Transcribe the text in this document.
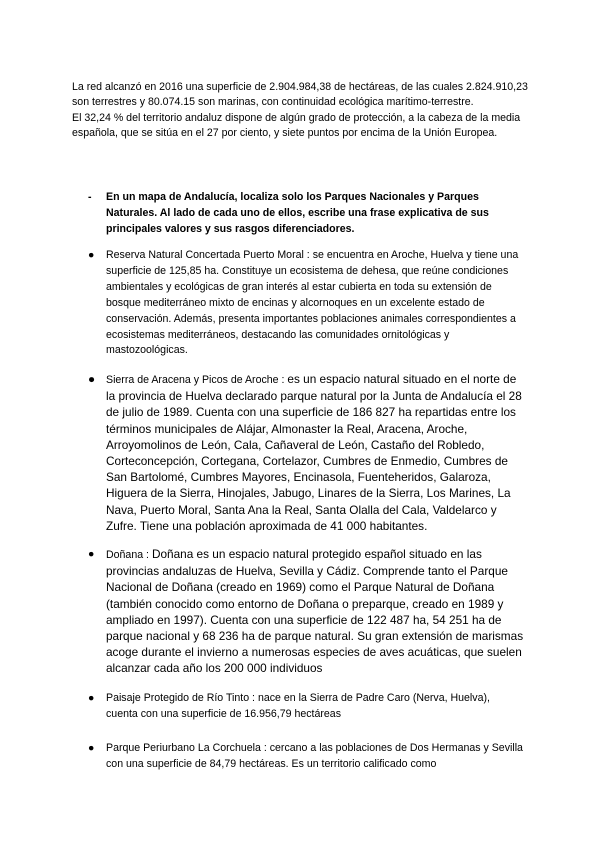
La red alcanzó en 2016 una superficie de 2.904.984,38 de hectáreas, de las cuales 2.824.910,23 son terrestres y 80.074.15 son marinas, con continuidad ecológica marítimo-terrestre.

El 32,24 % del territorio andaluz dispone de algún grado de protección, a la cabeza de la media española, que se sitúa en el 27 por ciento, y siete puntos por encima de la Unión Europea.

- En un mapa de Andalucía, localiza solo los Parques Nacionales y Parques Naturales. Al lado de cada uno de ellos, escribe una frase explicativa de sus principales valores y sus rasgos diferenciadores.
● Reserva Natural Concertada Puerto Moral : se encuentra en Aroche, Huelva y tiene una superficie de 125,85 ha. Constituye un ecosistema de dehesa, que reúne condiciones ambientales y ecológicas de gran interés al estar cubierta en toda su extensión de bosque mediterráneo mixto de encinas y alcornoques en un excelente estado de conservación. Además, presenta importantes poblaciones animales correspondientes a ecosistemas mediterráneos, destacando las comunidades ornitológicas y mastozoológicas.
● Sierra de Aracena y Picos de Aroche : es un espacio natural situado en el norte de la provincia de Huelva declarado parque natural por la Junta de Andalucía el 28 de julio de 1989. Cuenta con una superficie de 186 827 ha repartidas entre los términos municipales de Alájar, Almonaster la Real, Aracena, Aroche, Arroyomolinos de León, Cala, Cañaveral de León, Castaño del Robledo, Corteconcepción, Cortegana, Cortelazor, Cumbres de Enmedio, Cumbres de San Bartolomé, Cumbres Mayores, Encinasola, Fuenteheridos, Galaroza, Higuera de la Sierra, Hinojales, Jabugo, Linares de la Sierra, Los Marines, La Nava, Puerto Moral, Santa Ana la Real, Santa Olalla del Cala, Valdelarco y Zufre. Tiene una población aproximada de 41 000 habitantes.
● Doñana : Doñana es un espacio natural protegido español situado en las provincias andaluzas de Huelva, Sevilla y Cádiz. Comprende tanto el Parque Nacional de Doñana (creado en 1969) como el Parque Natural de Doñana (también conocido como entorno de Doñana o preparque, creado en 1989 y ampliado en 1997). Cuenta con una superficie de 122 487 ha, 54 251 ha de parque nacional y 68 236 ha de parque natural. Su gran extensión de marismas acoge durante el invierno a numerosas especies de aves acuáticas, que suelen alcanzar cada año los 200 000 individuos
● Paisaje Protegido de Río Tinto : nace en la Sierra de Padre Caro (Nerva, Huelva), cuenta con una superficie de 16.956,79 hectáreas
● Parque Periurbano La Corchuela : cercano a las poblaciones de Dos Hermanas y Sevilla con una superficie de 84,79 hectáreas. Es un territorio calificado como
